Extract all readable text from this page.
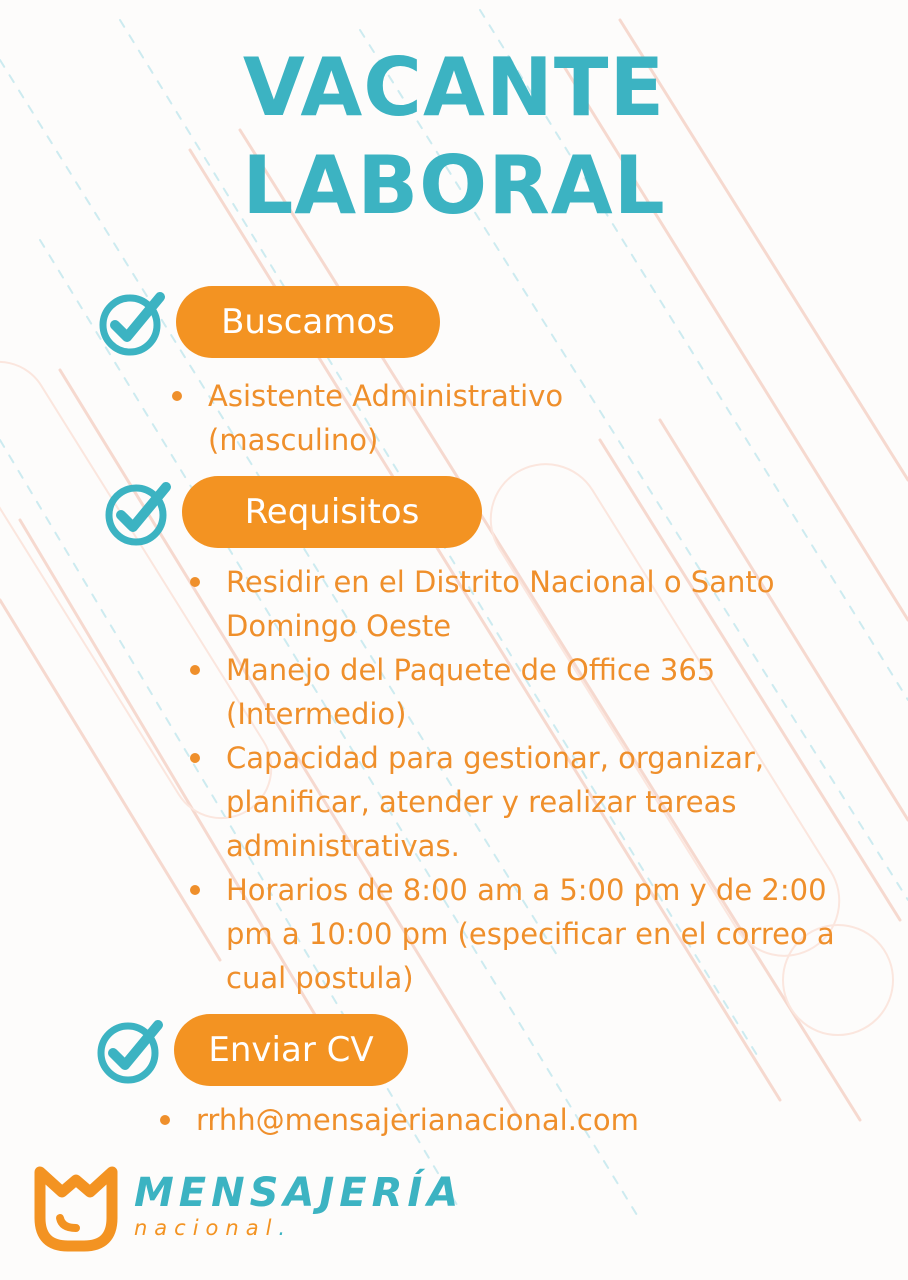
VACANTE
LABORAL
Buscamos
Asistente Administrativo (masculino)
Requisitos
Residir en el Distrito Nacional o Santo Domingo Oeste
Manejo del Paquete de Office 365 (Intermedio)
Capacidad para gestionar, organizar, planificar, atender y realizar tareas administrativas.
Horarios de 8:00 am a 5:00 pm y de 2:00 pm a 10:00 pm (especificar en el correo a cual postula)
Enviar CV
rrhh@mensajerianacional.com
MENSAJERÍA
nacional.
